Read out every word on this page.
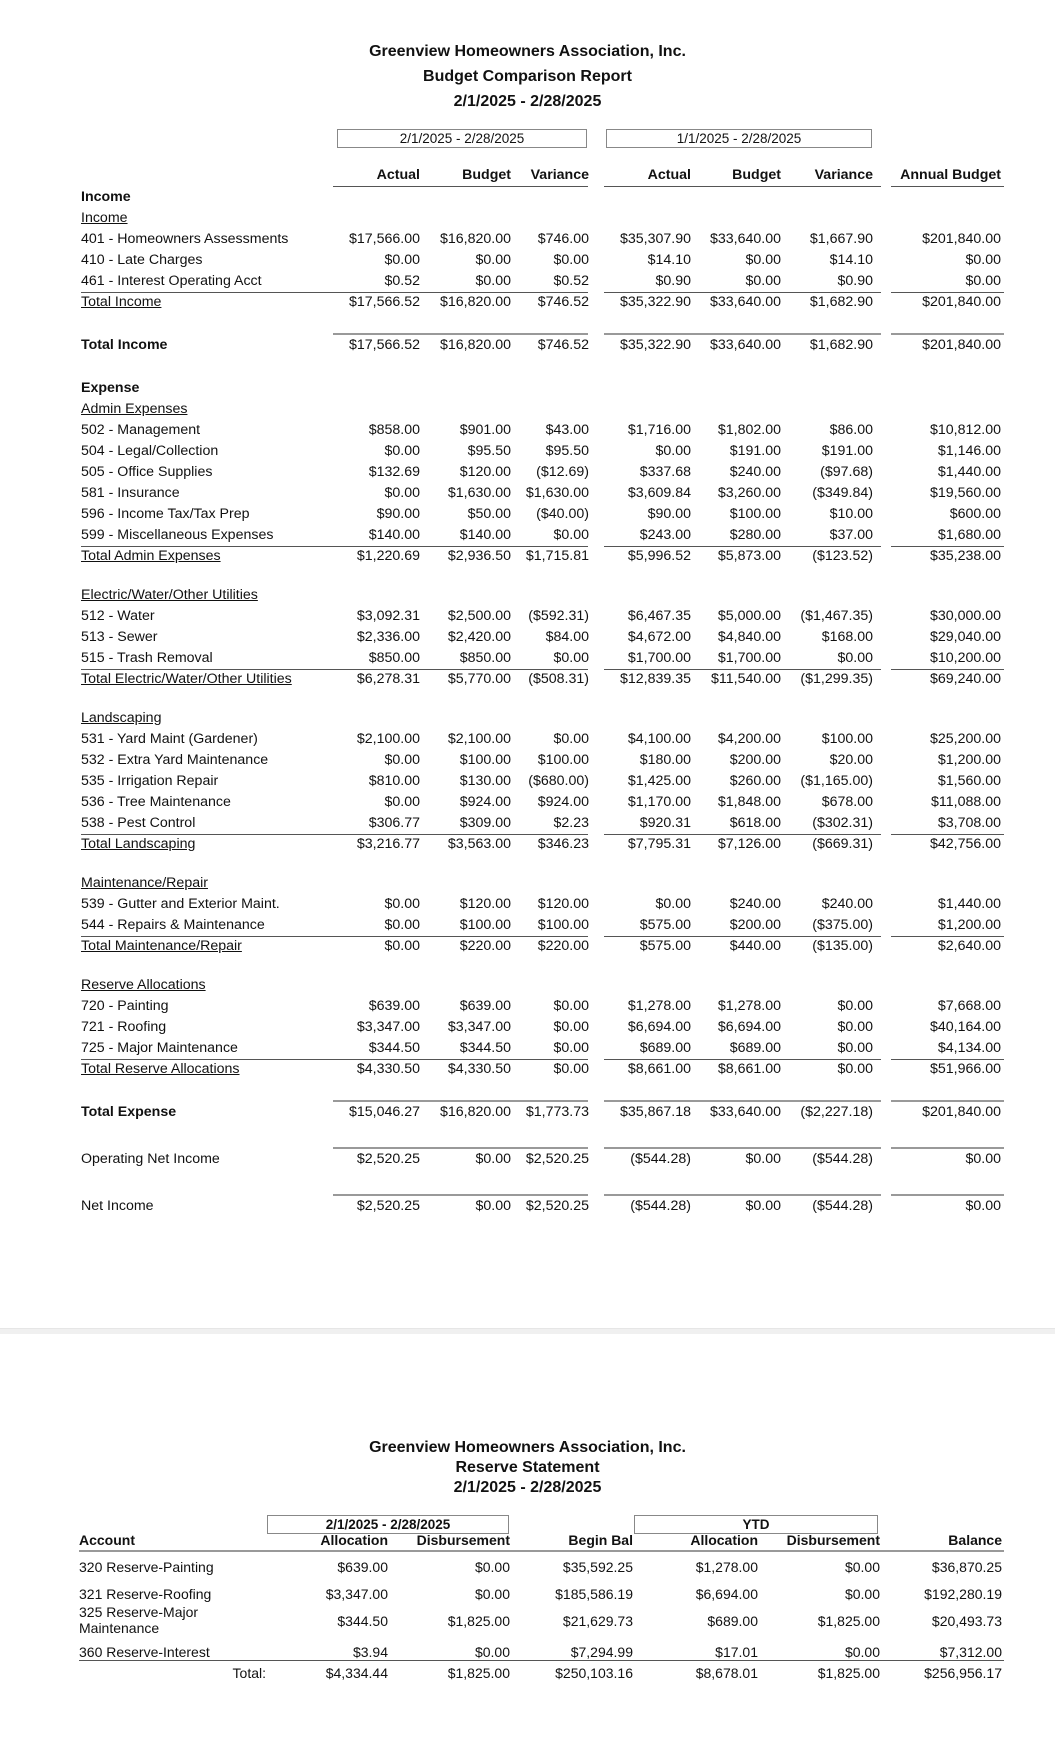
Greenview Homeowners Association, Inc.
Budget Comparison Report
2/1/2025 - 2/28/2025
2/1/2025 - 2/28/2025	1/1/2025 - 2/28/2025
Actual	Budget	Variance	Actual	Budget	Variance	Annual Budget
Income
Income
401 - Homeowners Assessments	$17,566.00	$16,820.00	$746.00	$35,307.90	$33,640.00	$1,667.90	$201,840.00
410 - Late Charges	$0.00	$0.00	$0.00	$14.10	$0.00	$14.10	$0.00
461 - Interest Operating Acct	$0.52	$0.00	$0.52	$0.90	$0.00	$0.90	$0.00
Total Income	$17,566.52	$16,820.00	$746.52	$35,322.90	$33,640.00	$1,682.90	$201,840.00
Total Income	$17,566.52	$16,820.00	$746.52	$35,322.90	$33,640.00	$1,682.90	$201,840.00
Expense
Admin Expenses
502 - Management	$858.00	$901.00	$43.00	$1,716.00	$1,802.00	$86.00	$10,812.00
504 - Legal/Collection	$0.00	$95.50	$95.50	$0.00	$191.00	$191.00	$1,146.00
505 - Office Supplies	$132.69	$120.00	($12.69)	$337.68	$240.00	($97.68)	$1,440.00
581 - Insurance	$0.00	$1,630.00	$1,630.00	$3,609.84	$3,260.00	($349.84)	$19,560.00
596 - Income Tax/Tax Prep	$90.00	$50.00	($40.00)	$90.00	$100.00	$10.00	$600.00
599 - Miscellaneous Expenses	$140.00	$140.00	$0.00	$243.00	$280.00	$37.00	$1,680.00
Total Admin Expenses	$1,220.69	$2,936.50	$1,715.81	$5,996.52	$5,873.00	($123.52)	$35,238.00
Electric/Water/Other Utilities
512 - Water	$3,092.31	$2,500.00	($592.31)	$6,467.35	$5,000.00	($1,467.35)	$30,000.00
513 - Sewer	$2,336.00	$2,420.00	$84.00	$4,672.00	$4,840.00	$168.00	$29,040.00
515 - Trash Removal	$850.00	$850.00	$0.00	$1,700.00	$1,700.00	$0.00	$10,200.00
Total Electric/Water/Other Utilities	$6,278.31	$5,770.00	($508.31)	$12,839.35	$11,540.00	($1,299.35)	$69,240.00
Landscaping
531 - Yard Maint (Gardener)	$2,100.00	$2,100.00	$0.00	$4,100.00	$4,200.00	$100.00	$25,200.00
532 - Extra Yard Maintenance	$0.00	$100.00	$100.00	$180.00	$200.00	$20.00	$1,200.00
535 - Irrigation Repair	$810.00	$130.00	($680.00)	$1,425.00	$260.00	($1,165.00)	$1,560.00
536 - Tree Maintenance	$0.00	$924.00	$924.00	$1,170.00	$1,848.00	$678.00	$11,088.00
538 - Pest Control	$306.77	$309.00	$2.23	$920.31	$618.00	($302.31)	$3,708.00
Total Landscaping	$3,216.77	$3,563.00	$346.23	$7,795.31	$7,126.00	($669.31)	$42,756.00
Maintenance/Repair
539 - Gutter and Exterior Maint.	$0.00	$120.00	$120.00	$0.00	$240.00	$240.00	$1,440.00
544 - Repairs & Maintenance	$0.00	$100.00	$100.00	$575.00	$200.00	($375.00)	$1,200.00
Total Maintenance/Repair	$0.00	$220.00	$220.00	$575.00	$440.00	($135.00)	$2,640.00
Reserve Allocations
720 - Painting	$639.00	$639.00	$0.00	$1,278.00	$1,278.00	$0.00	$7,668.00
721 - Roofing	$3,347.00	$3,347.00	$0.00	$6,694.00	$6,694.00	$0.00	$40,164.00
725 - Major Maintenance	$344.50	$344.50	$0.00	$689.00	$689.00	$0.00	$4,134.00
Total Reserve Allocations	$4,330.50	$4,330.50	$0.00	$8,661.00	$8,661.00	$0.00	$51,966.00
Total Expense	$15,046.27	$16,820.00	$1,773.73	$35,867.18	$33,640.00	($2,227.18)	$201,840.00
Operating Net Income	$2,520.25	$0.00	$2,520.25	($544.28)	$0.00	($544.28)	$0.00
Net Income	$2,520.25	$0.00	$2,520.25	($544.28)	$0.00	($544.28)	$0.00
Greenview Homeowners Association, Inc.
Reserve Statement
2/1/2025 - 2/28/2025
2/1/2025 - 2/28/2025	YTD
Account	Allocation	Disbursement	Begin Bal	Allocation	Disbursement	Balance
320 Reserve-Painting	$639.00	$0.00	$35,592.25	$1,278.00	$0.00	$36,870.25
321 Reserve-Roofing	$3,347.00	$0.00	$185,586.19	$6,694.00	$0.00	$192,280.19
325 Reserve-Major
Maintenance	$344.50	$1,825.00	$21,629.73	$689.00	$1,825.00	$20,493.73
360 Reserve-Interest	$3.94	$0.00	$7,294.99	$17.01	$0.00	$7,312.00
Total:	$4,334.44	$1,825.00	$250,103.16	$8,678.01	$1,825.00	$256,956.17
